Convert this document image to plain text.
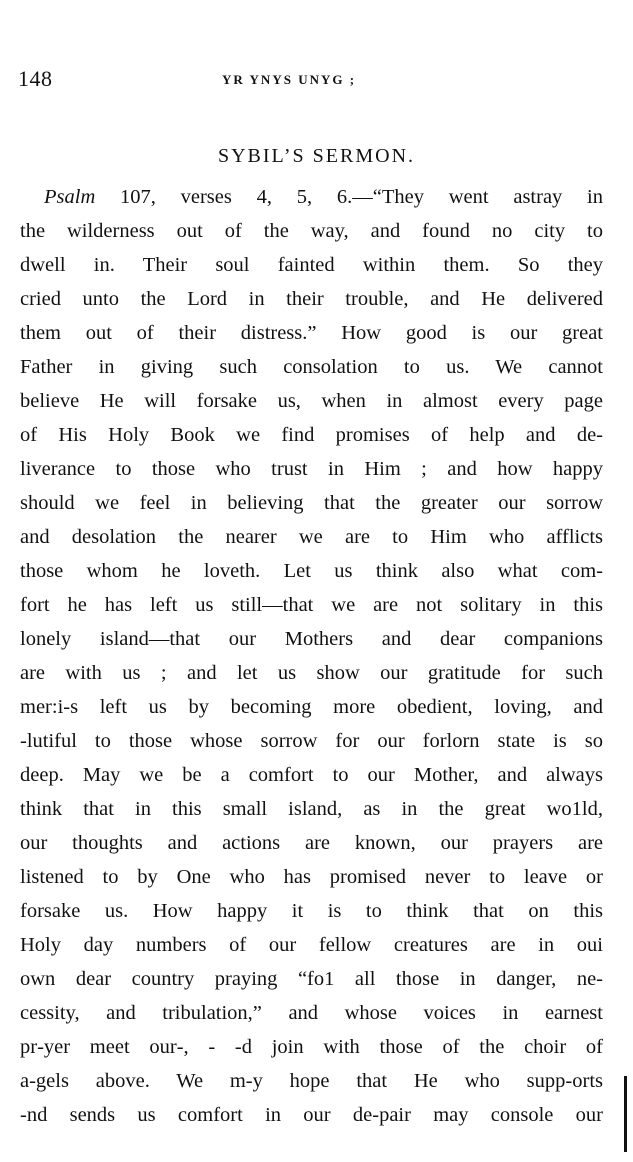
148	YR YNYS UNYG ;
SYBIL’S SERMON.
Psalm 107, verses 4, 5, 6.—“They went astray in
the wilderness out of the way, and found no city to
dwell in. Their soul fainted within them. So they
cried unto the Lord in their trouble, and He delivered
them out of their distress.” How good is our great
Father in giving such consolation to us. We cannot
believe He will forsake us, when in almost every page
of His Holy Book we find promises of help and de-
liverance to those who trust in Him ; and how happy
should we feel in believing that the greater our sorrow
and desolation the nearer we are to Him who afflicts
those whom he loveth. Let us think also what com-
fort he has left us still—that we are not solitary in this
lonely island—that our Mothers and dear companions
are with us ; and let us show our gratitude for such
mer:i‑s left us by becoming more obedient, loving, and
‑lutiful to those whose sorrow for our forlorn state is so
deep. May we be a comfort to our Mother, and always
think that in this small island, as in the great wo1ld,
our thoughts and actions are known, our prayers are
listened to by One who has promised never to leave or
forsake us. How happy it is to think that on this
Holy day numbers of our fellow creatures are in oui
own dear country praying “fo1 all those in danger, ne-
cessity, and tribulation,” and whose voices in earnest
pr‑yer meet our‑, ‑ ‑d join with those of the choir of
a‑gels above. We m‑y hope that He who supp‑orts
‑nd sends us comfort in our de‑pair may console our
